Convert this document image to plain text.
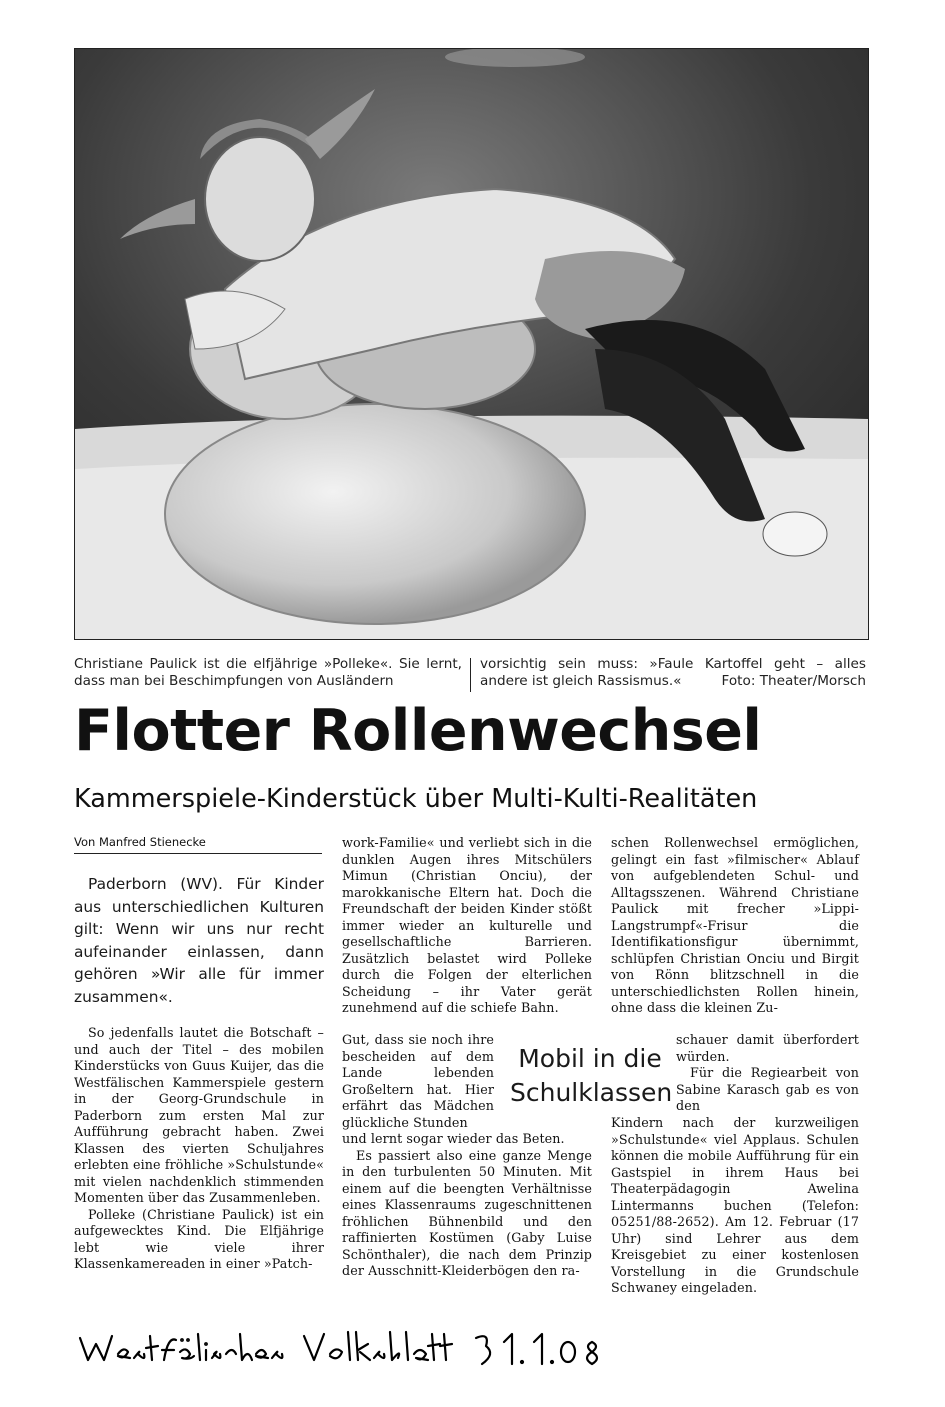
Christiane Paulick ist die elfjährige »Polleke«. Sie lernt, dass man bei Beschimpfungen von Ausländern
vorsichtig sein muss: »Faule Kartoffel geht – alles andere ist gleich Rassismus.«	Foto: Theater/Morsch
Flotter Rollenwechsel
Kammerspiele-Kinderstück über Multi-Kulti-Realitäten
Von Manfred Stienecke
Paderborn (WV). Für Kinder aus unterschiedlichen Kulturen gilt: Wenn wir uns nur recht aufeinander einlassen, dann gehören »Wir alle für immer zusammen«.

So jedenfalls lautet die Botschaft – und auch der Titel – des mobilen Kinderstücks von Guus Kuijer, das die Westfälischen Kammerspiele gestern in der Georg-Grundschule in Paderborn zum ersten Mal zur Aufführung gebracht haben. Zwei Klassen des vierten Schuljahres erlebten eine fröhliche »Schulstunde« mit vielen nachdenklich stimmenden Momenten über das Zusammenleben.

Polleke (Christiane Paulick) ist ein aufgewecktes Kind. Die Elfjährige lebt wie viele ihrer Klassenkamereaden in einer »Patch-

work-Familie« und verliebt sich in die dunklen Augen ihres Mitschülers Mimun (Christian Onciu), der marokkanische Eltern hat. Doch die Freundschaft der beiden Kinder stößt immer wieder an kulturelle und gesellschaftliche Barrieren. Zusätzlich belastet wird Polleke durch die Folgen der elterlichen Scheidung – ihr Vater gerät zunehmend auf die schiefe Bahn.

Gut, dass sie noch ihre bescheiden auf dem Lande lebenden Großeltern hat. Hier erfährt das Mädchen glückliche Stunden

und lernt sogar wieder das Beten.

Es passiert also eine ganze Menge in den turbulenten 50 Minuten. Mit einem auf die beengten Verhältnisse eines Klassenraums zugeschnittenen fröhlichen Bühnenbild und den raffinierten Kostümen (Gaby Luise Schönthaler), die nach dem Prinzip der Ausschnitt-Kleiderbögen den ra-

Mobil in die
Schulklassen

schen Rollenwechsel ermöglichen, gelingt ein fast »filmischer« Ablauf von aufgeblendeten Schul- und Alltagsszenen. Während Christiane Paulick mit frecher »Lippi-Langstrumpf«-Frisur die Identifikationsfigur übernimmt, schlüpfen Christian Onciu und Birgit von Rönn blitzschnell in die unterschiedlichsten Rollen hinein, ohne dass die kleinen Zu-

schauer damit überfordert würden.

Für die Regiearbeit von Sabine Karasch gab es von den

Kindern nach der kurzweiligen »Schulstunde« viel Applaus. Schulen können die mobile Aufführung für ein Gastspiel in ihrem Haus bei Theaterpädagogin Awelina Lintermanns buchen (Telefon: 05251/88-2652). Am 12. Februar (17 Uhr) sind Lehrer aus dem Kreisgebiet zu einer kostenlosen Vorstellung in die Grundschule Schwaney eingeladen.
